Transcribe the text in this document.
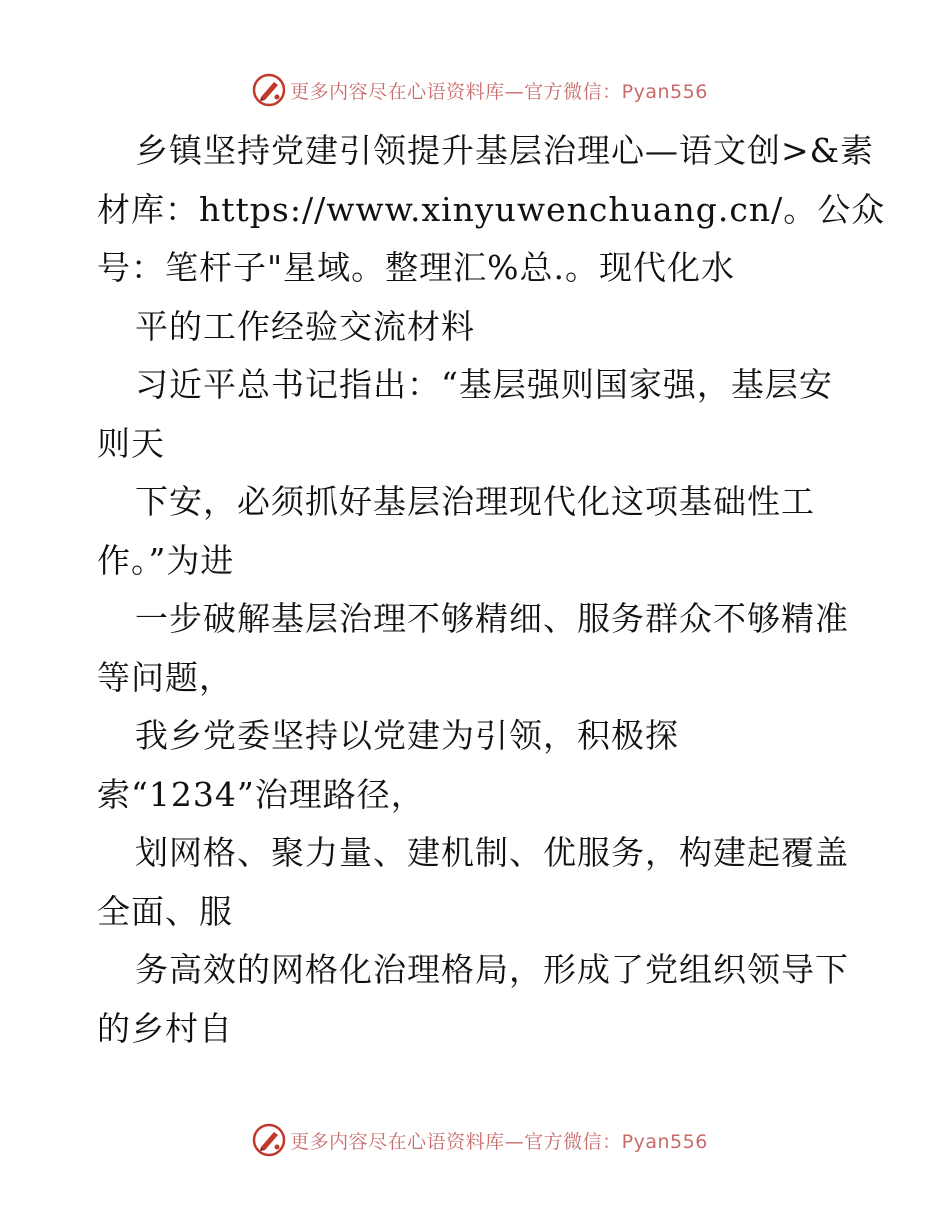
更多内容尽在心语资料库—官方微信：Pyan556
乡镇坚持党建引领提升基层治理心—语文创>&素
材库：https://www.xinyuwenchuang.cn/。公众
号：笔杆子"星域。整理汇%总.。现代化水
平的工作经验交流材料
习近平总书记指出：“基层强则国家强，基层安
则天
下安，必须抓好基层治理现代化这项基础性工
作。”为进
一步破解基层治理不够精细、服务群众不够精准
等问题，
我乡党委坚持以党建为引领，积极探
索“1234”治理路径，
划网格、聚力量、建机制、优服务，构建起覆盖
全面、服
务高效的网格化治理格局，形成了党组织领导下
的乡村自
更多内容尽在心语资料库—官方微信：Pyan556
